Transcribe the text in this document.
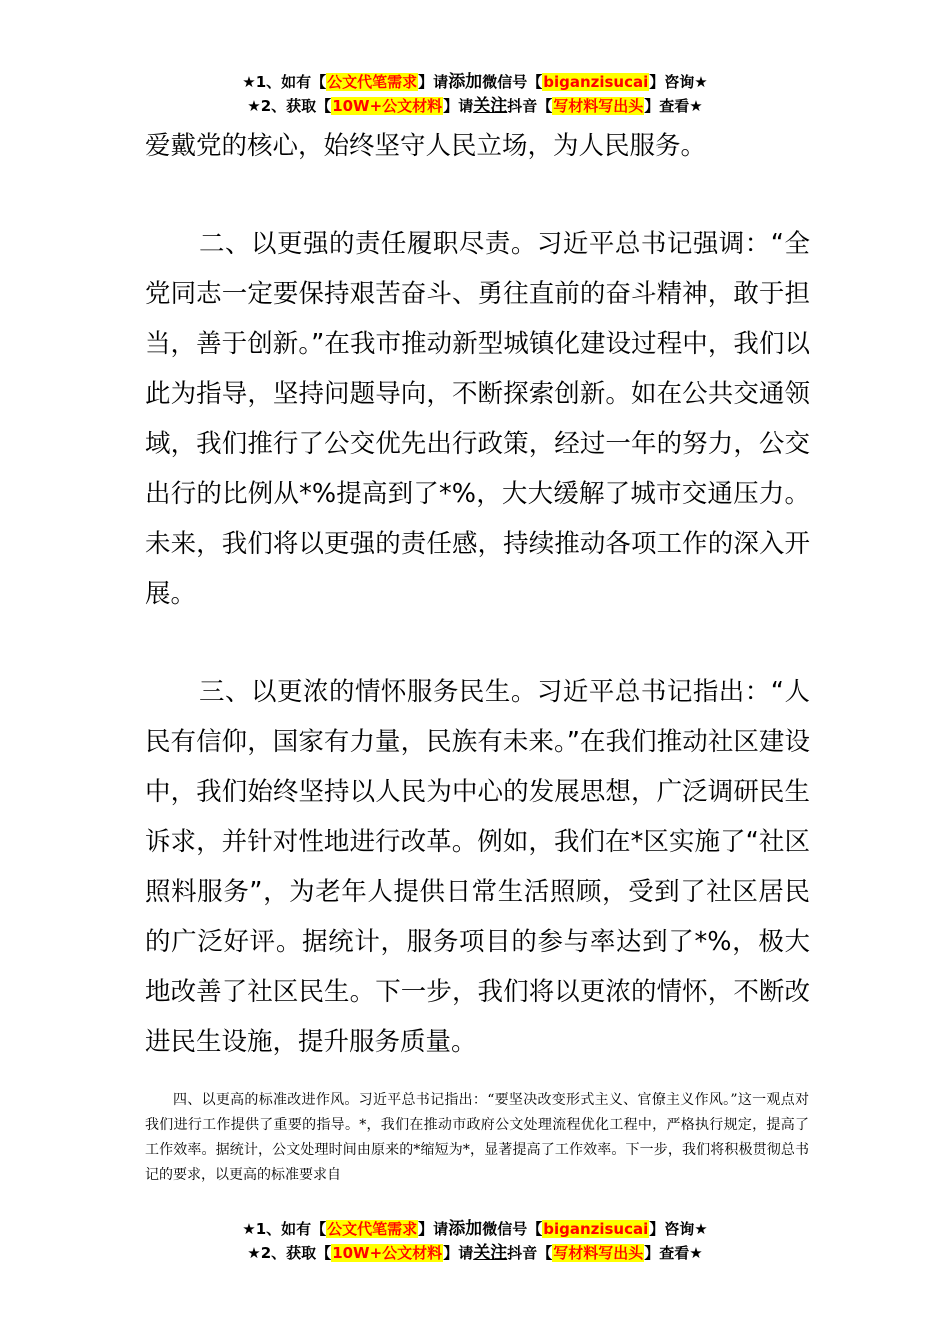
★1、如有【公文代笔需求】请添加微信号【biganzisucai】咨询★
★2、获取【10W+公文材料】请关注抖音【写材料写出头】查看★

爱戴党的核心，始终坚守人民立场，为人民服务。

二、以更强的责任履职尽责。习近平总书记强调：“全党同志一定要保持艰苦奋斗、勇往直前的奋斗精神，敢于担当，善于创新。”在我市推动新型城镇化建设过程中，我们以此为指导，坚持问题导向，不断探索创新。如在公共交通领域，我们推行了公交优先出行政策，经过一年的努力，公交出行的比例从*%提高到了*%，大大缓解了城市交通压力。未来，我们将以更强的责任感，持续推动各项工作的深入开展。

三、以更浓的情怀服务民生。习近平总书记指出：“人民有信仰，国家有力量，民族有未来。”在我们推动社区建设中，我们始终坚持以人民为中心的发展思想，广泛调研民生诉求，并针对性地进行改革。例如，我们在*区实施了“社区照料服务”，为老年人提供日常生活照顾，受到了社区居民的广泛好评。据统计，服务项目的参与率达到了*%，极大地改善了社区民生。下一步，我们将以更浓的情怀，不断改进民生设施，提升服务质量。

四、以更高的标准改进作风。习近平总书记指出：“要坚决改变形式主义、官僚主义作风。”这一观点对我们进行工作提供了重要的指导。*，我们在推动市政府公文处理流程优化工程中，严格执行规定，提高了工作效率。据统计，公文处理时间由原来的*缩短为*，显著提高了工作效率。下一步，我们将积极贯彻总书记的要求，以更高的标准要求自

★1、如有【公文代笔需求】请添加微信号【biganzisucai】咨询★
★2、获取【10W+公文材料】请关注抖音【写材料写出头】查看★
